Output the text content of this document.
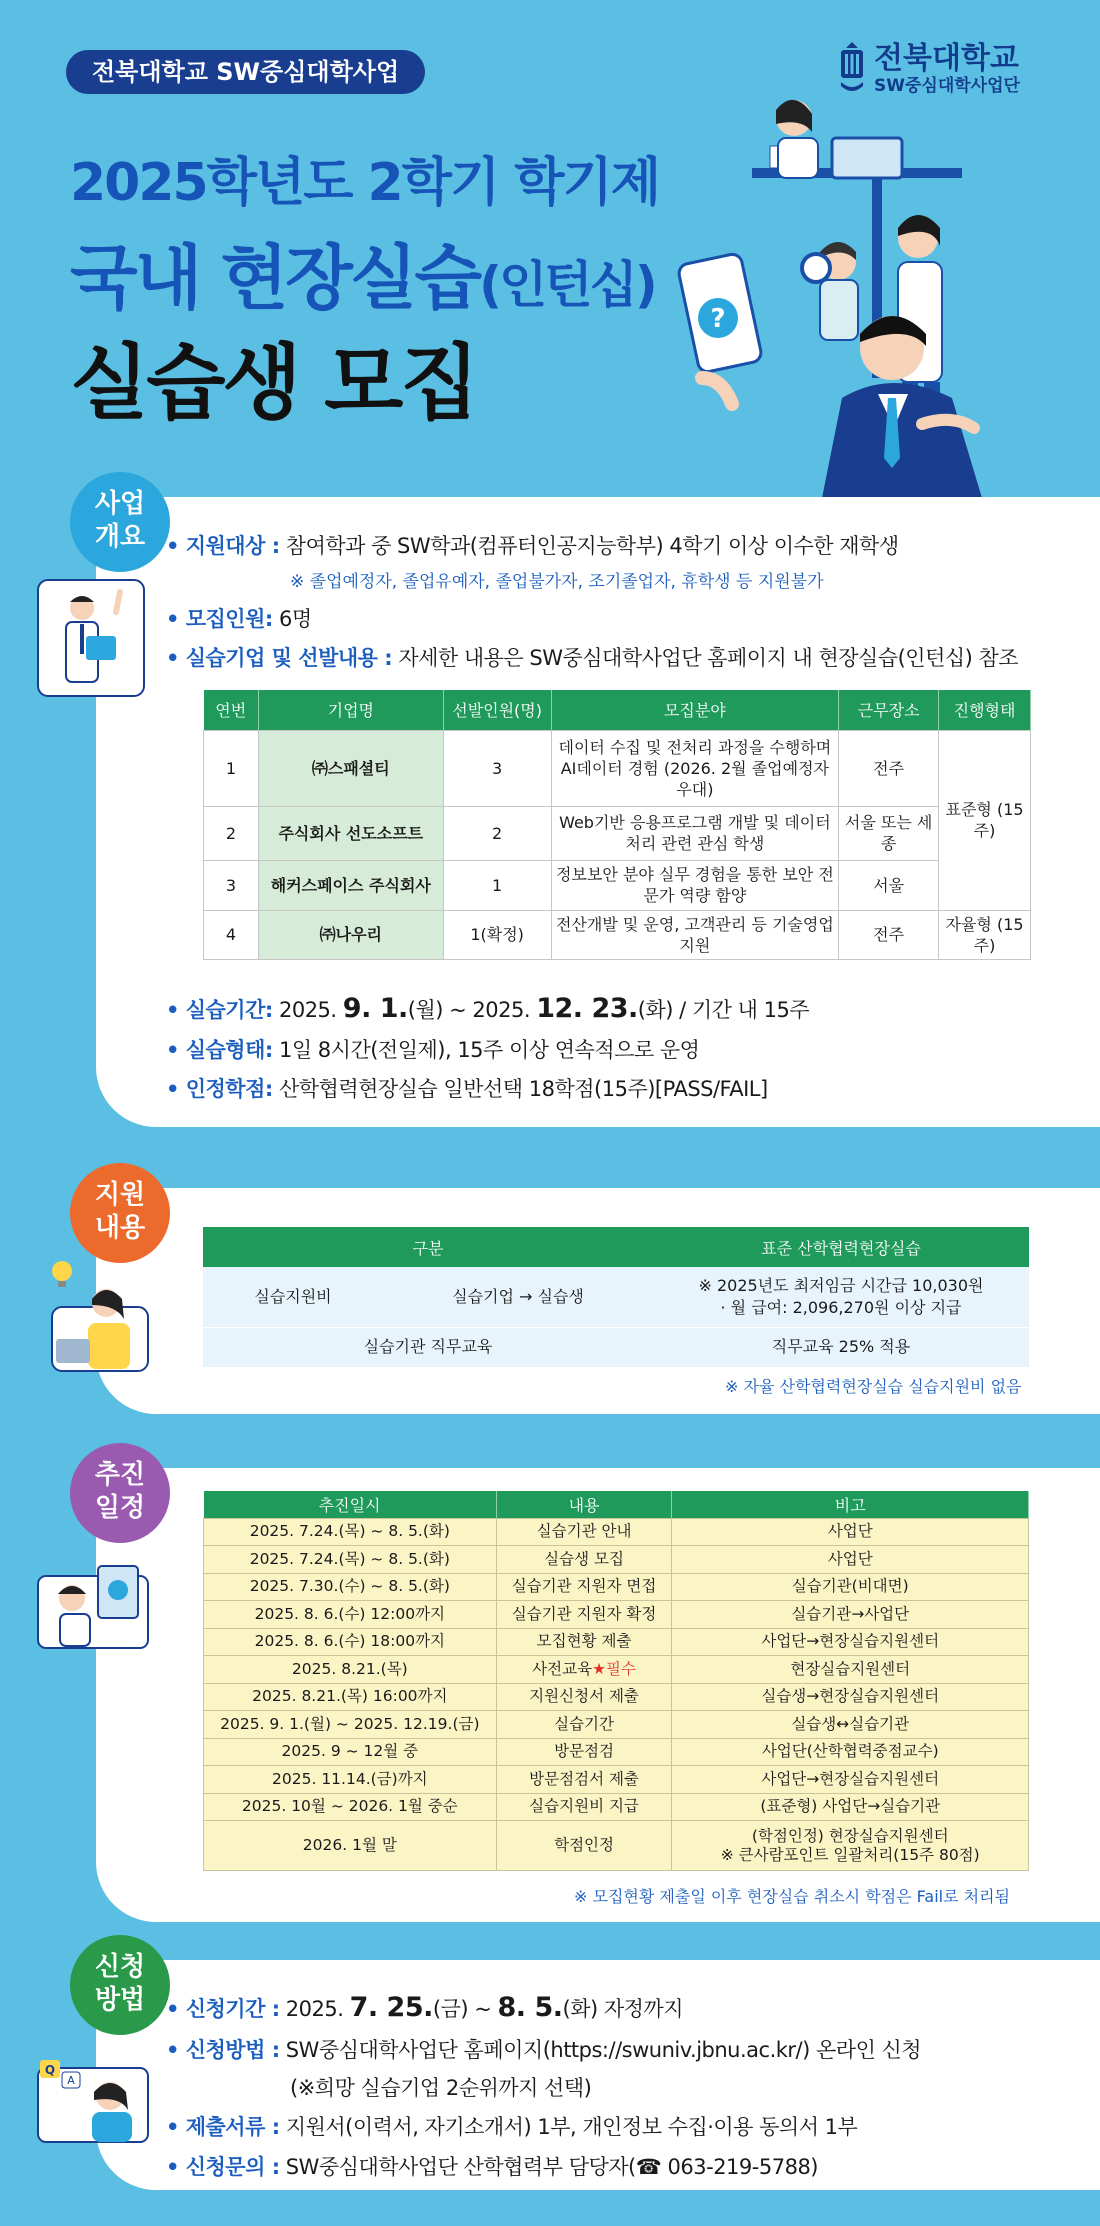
전북대학교 SW중심대학사업	전북대학교
SW중심대학사업단
2025학년도 2학기 학기제
국내 현장실습(인턴십)
실습생 모집
?
사업
개요 • 지원대상 : 참여학과 중 SW학과(컴퓨터인공지능학부) 4학기 이상 이수한 재학생
※ 졸업예정자, 졸업유예자, 졸업불가자, 조기졸업자, 휴학생 등 지원불가
• 모집인원: 6명
• 실습기업 및 선발내용 : 자세한 내용은 SW중심대학사업단 홈페이지 내 현장실습(인턴십) 참조
연번	기업명	선발인원(명)	모집분야	근무장소	진행형태
1	㈜스패셜티	3	데이터 수집 및 전처리 과정을 수행하며 AI데이터 경험 (2026. 2월 졸업예정자 우대)	전주	표준형 (15주)
2	주식회사 선도소프트	2	Web기반 응용프로그램 개발 및 데이터 처리 관련 관심 학생	서울 또는 세종	
3	해커스페이스 주식회사	1	정보보안 분야 실무 경험을 통한 보안 전문가 역량 함양	서울	
4	㈜나우리	1(확정)	전산개발 및 운영, 고객관리 등 기술영업지원	전주	자율형 (15주)
• 실습기간: 2025. 9. 1.(월) ~ 2025. 12. 23.(화) / 기간 내 15주
• 실습형태: 1일 8시간(전일제), 15주 이상 연속적으로 운영
• 인정학점: 산학협력현장실습 일반선택 18학점(15주)[PASS/FAIL]
지원
내용
구분		표준 산학협력현장실습
실습지원비	실습기업 → 실습생	※ 2025년도 최저임금 시간급 10,030원
· 월 급여: 2,096,270원 이상 지급

실습기관 직무교육		직무교육 25% 적용
※ 자율 산학협력현장실습 실습지원비 없음
추진
일정	추진일시	내용	비고
2025. 7.24.(목) ~ 8. 5.(화)	실습기관 안내	사업단
2025. 7.24.(목) ~ 8. 5.(화)	실습생 모집	사업단
2025. 7.30.(수) ~ 8. 5.(화)	실습기관 지원자 면접	실습기관(비대면)
2025. 8. 6.(수) 12:00까지	실습기관 지원자 확정	실습기관→사업단
2025. 8. 6.(수) 18:00까지	모집현황 제출	사업단→현장실습지원센터
2025. 8.21.(목)	사전교육★필수	현장실습지원센터
2025. 8.21.(목) 16:00까지	지원신청서 제출	실습생→현장실습지원센터
2025. 9. 1.(월) ~ 2025. 12.19.(금)	실습기간	실습생↔실습기관
2025. 9 ~ 12월 중	방문점검	사업단(산학협력중점교수)
2025. 11.14.(금)까지	방문점검서 제출	사업단→현장실습지원센터
2025. 10월 ~ 2026. 1월 중순	실습지원비 지급	(표준형) 사업단→실습기관
2026. 1월 말	학점인정	(학점인정) 현장실습지원센터
※ 큰사람포인트 일괄처리(15주 80점)
※ 모집현황 제출일 이후 현장실습 취소시 학점은 Fail로 처리됨
신청
방법
Q
A
• 신청기간 : 2025. 7. 25.(금) ~ 8. 5.(화) 자정까지
• 신청방법 : SW중심대학사업단 홈페이지(https://swuniv.jbnu.ac.kr/) 온라인 신청
(※희망 실습기업 2순위까지 선택)
• 제출서류 : 지원서(이력서, 자기소개서) 1부, 개인정보 수집·이용 동의서 1부
• 신청문의 : SW중심대학사업단 산학협력부 담당자(☎ 063-219-5788)
